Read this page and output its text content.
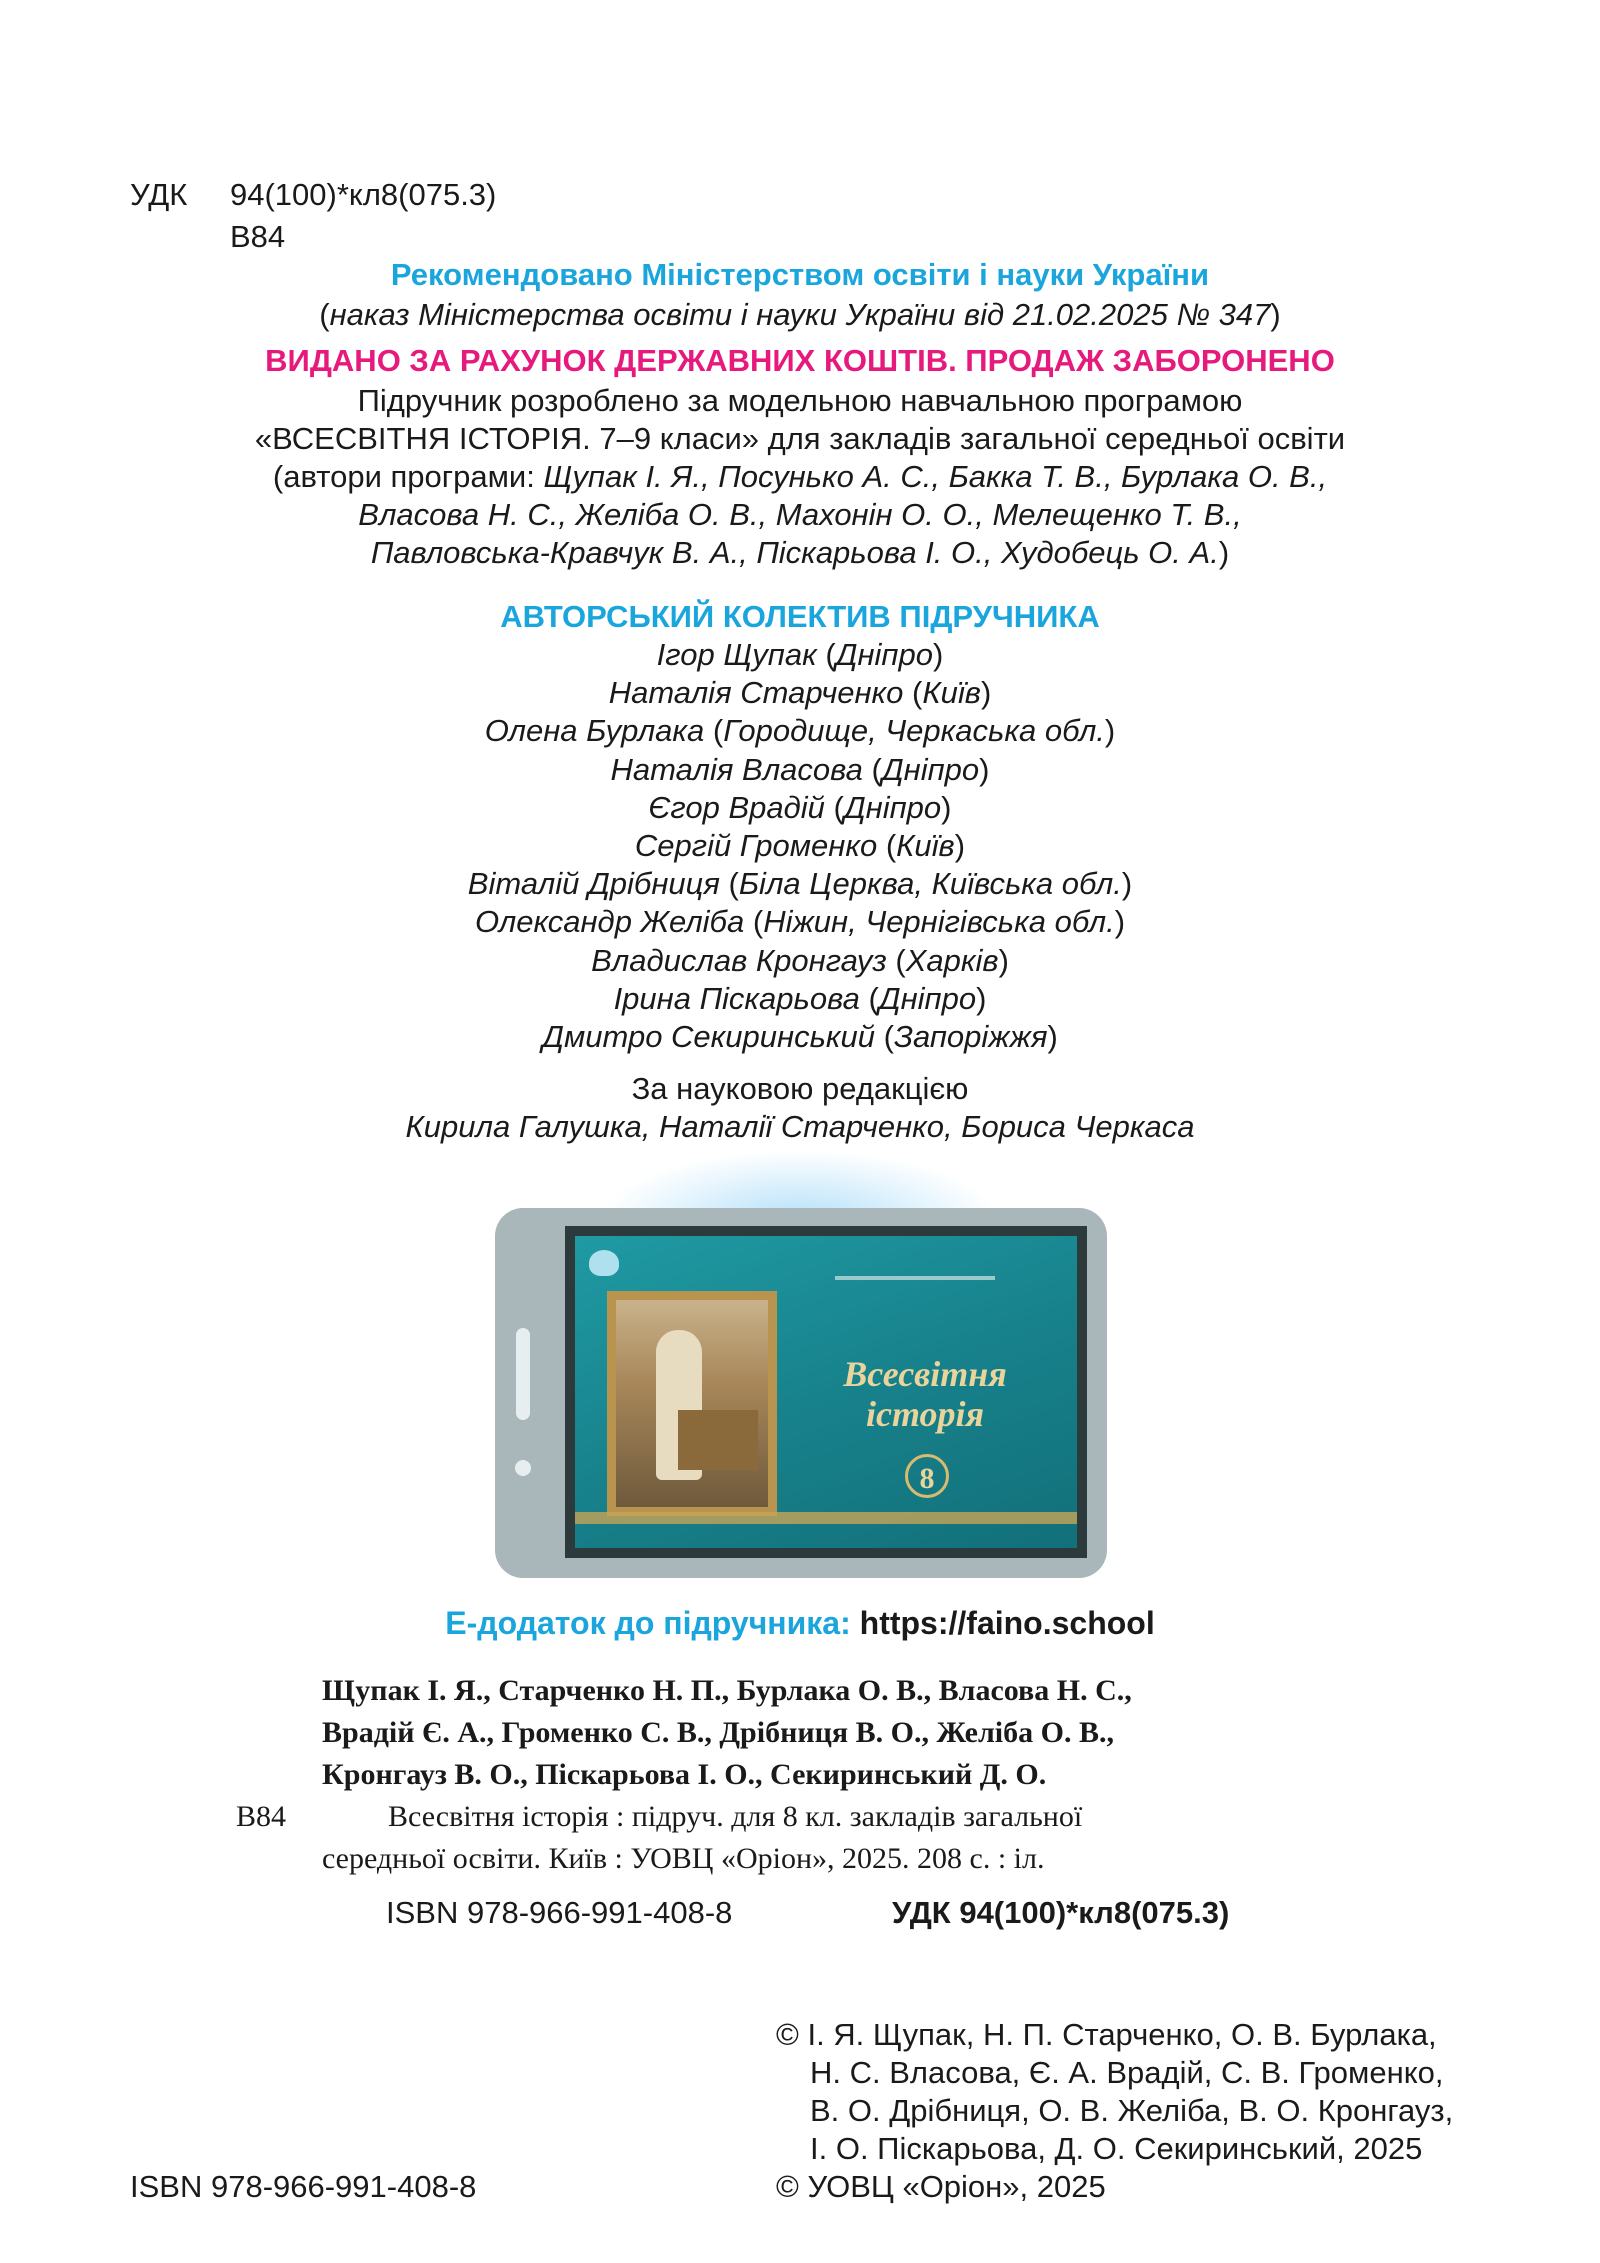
УДК 94(100)*кл8(075.3)
В84
Рекомендовано Міністерством освіти і науки України
(наказ Міністерства освіти і науки України від 21.02.2025 № 347)
ВИДАНО ЗА РАХУНОК ДЕРЖАВНИХ КОШТІВ. ПРОДАЖ ЗАБОРОНЕНО
Підручник розроблено за модельною навчальною програмою
«ВСЕСВІТНЯ ІСТОРІЯ. 7–9 класи» для закладів загальної середньої освіти
(автори програми: Щупак І. Я., Посунько А. С., Бакка Т. В., Бурлака О. В.,
Власова Н. С., Желіба О. В., Махонін О. О., Мелещенко Т. В.,
Павловська-Кравчук В. А., Піскарьова І. О., Худобець О. А.)
АВТОРСЬКИЙ КОЛЕКТИВ ПІДРУЧНИКА
Ігор Щупак (Дніпро)
Наталія Старченко (Київ)
Олена Бурлака (Городище, Черкаська обл.)
Наталія Власова (Дніпро)
Єгор Врадій (Дніпро)
Сергій Громенко (Київ)
Віталій Дрібниця (Біла Церква, Київська обл.)
Олександр Желіба (Ніжин, Чернігівська обл.)
Владислав Кронгауз (Харків)
Ірина Піскарьова (Дніпро)
Дмитро Секиринський (Запоріжжя)
За науковою редакцією
Кирила Галушка, Наталії Старченко, Бориса Черкаса
Всесвітня
історія
8
Е-додаток до підручника: https://faino.school
Щупак І. Я., Старченко Н. П., Бурлака О. В., Власова Н. С.,
Врадій Є. А., Громенко С. В., Дрібниця В. О., Желіба О. В.,
Кронгауз В. О., Піскарьова І. О., Секиринський Д. О.
В84	Всесвітня історія : підруч. для 8 кл. закладів загальної
середньої освіти. Київ : УОВЦ «Оріон», 2025. 208 с. : іл.
ISBN 978-966-991-408-8	УДК 94(100)*кл8(075.3)
© І. Я. Щупак, Н. П. Старченко, О. В. Бурлака,
Н. С. Власова, Є. А. Врадій, С. В. Громенко,
В. О. Дрібниця, О. В. Желіба, В. О. Кронгауз,
І. О. Піскарьова, Д. О. Секиринський, 2025
© УОВЦ «Оріон», 2025
ISBN 978-966-991-408-8
